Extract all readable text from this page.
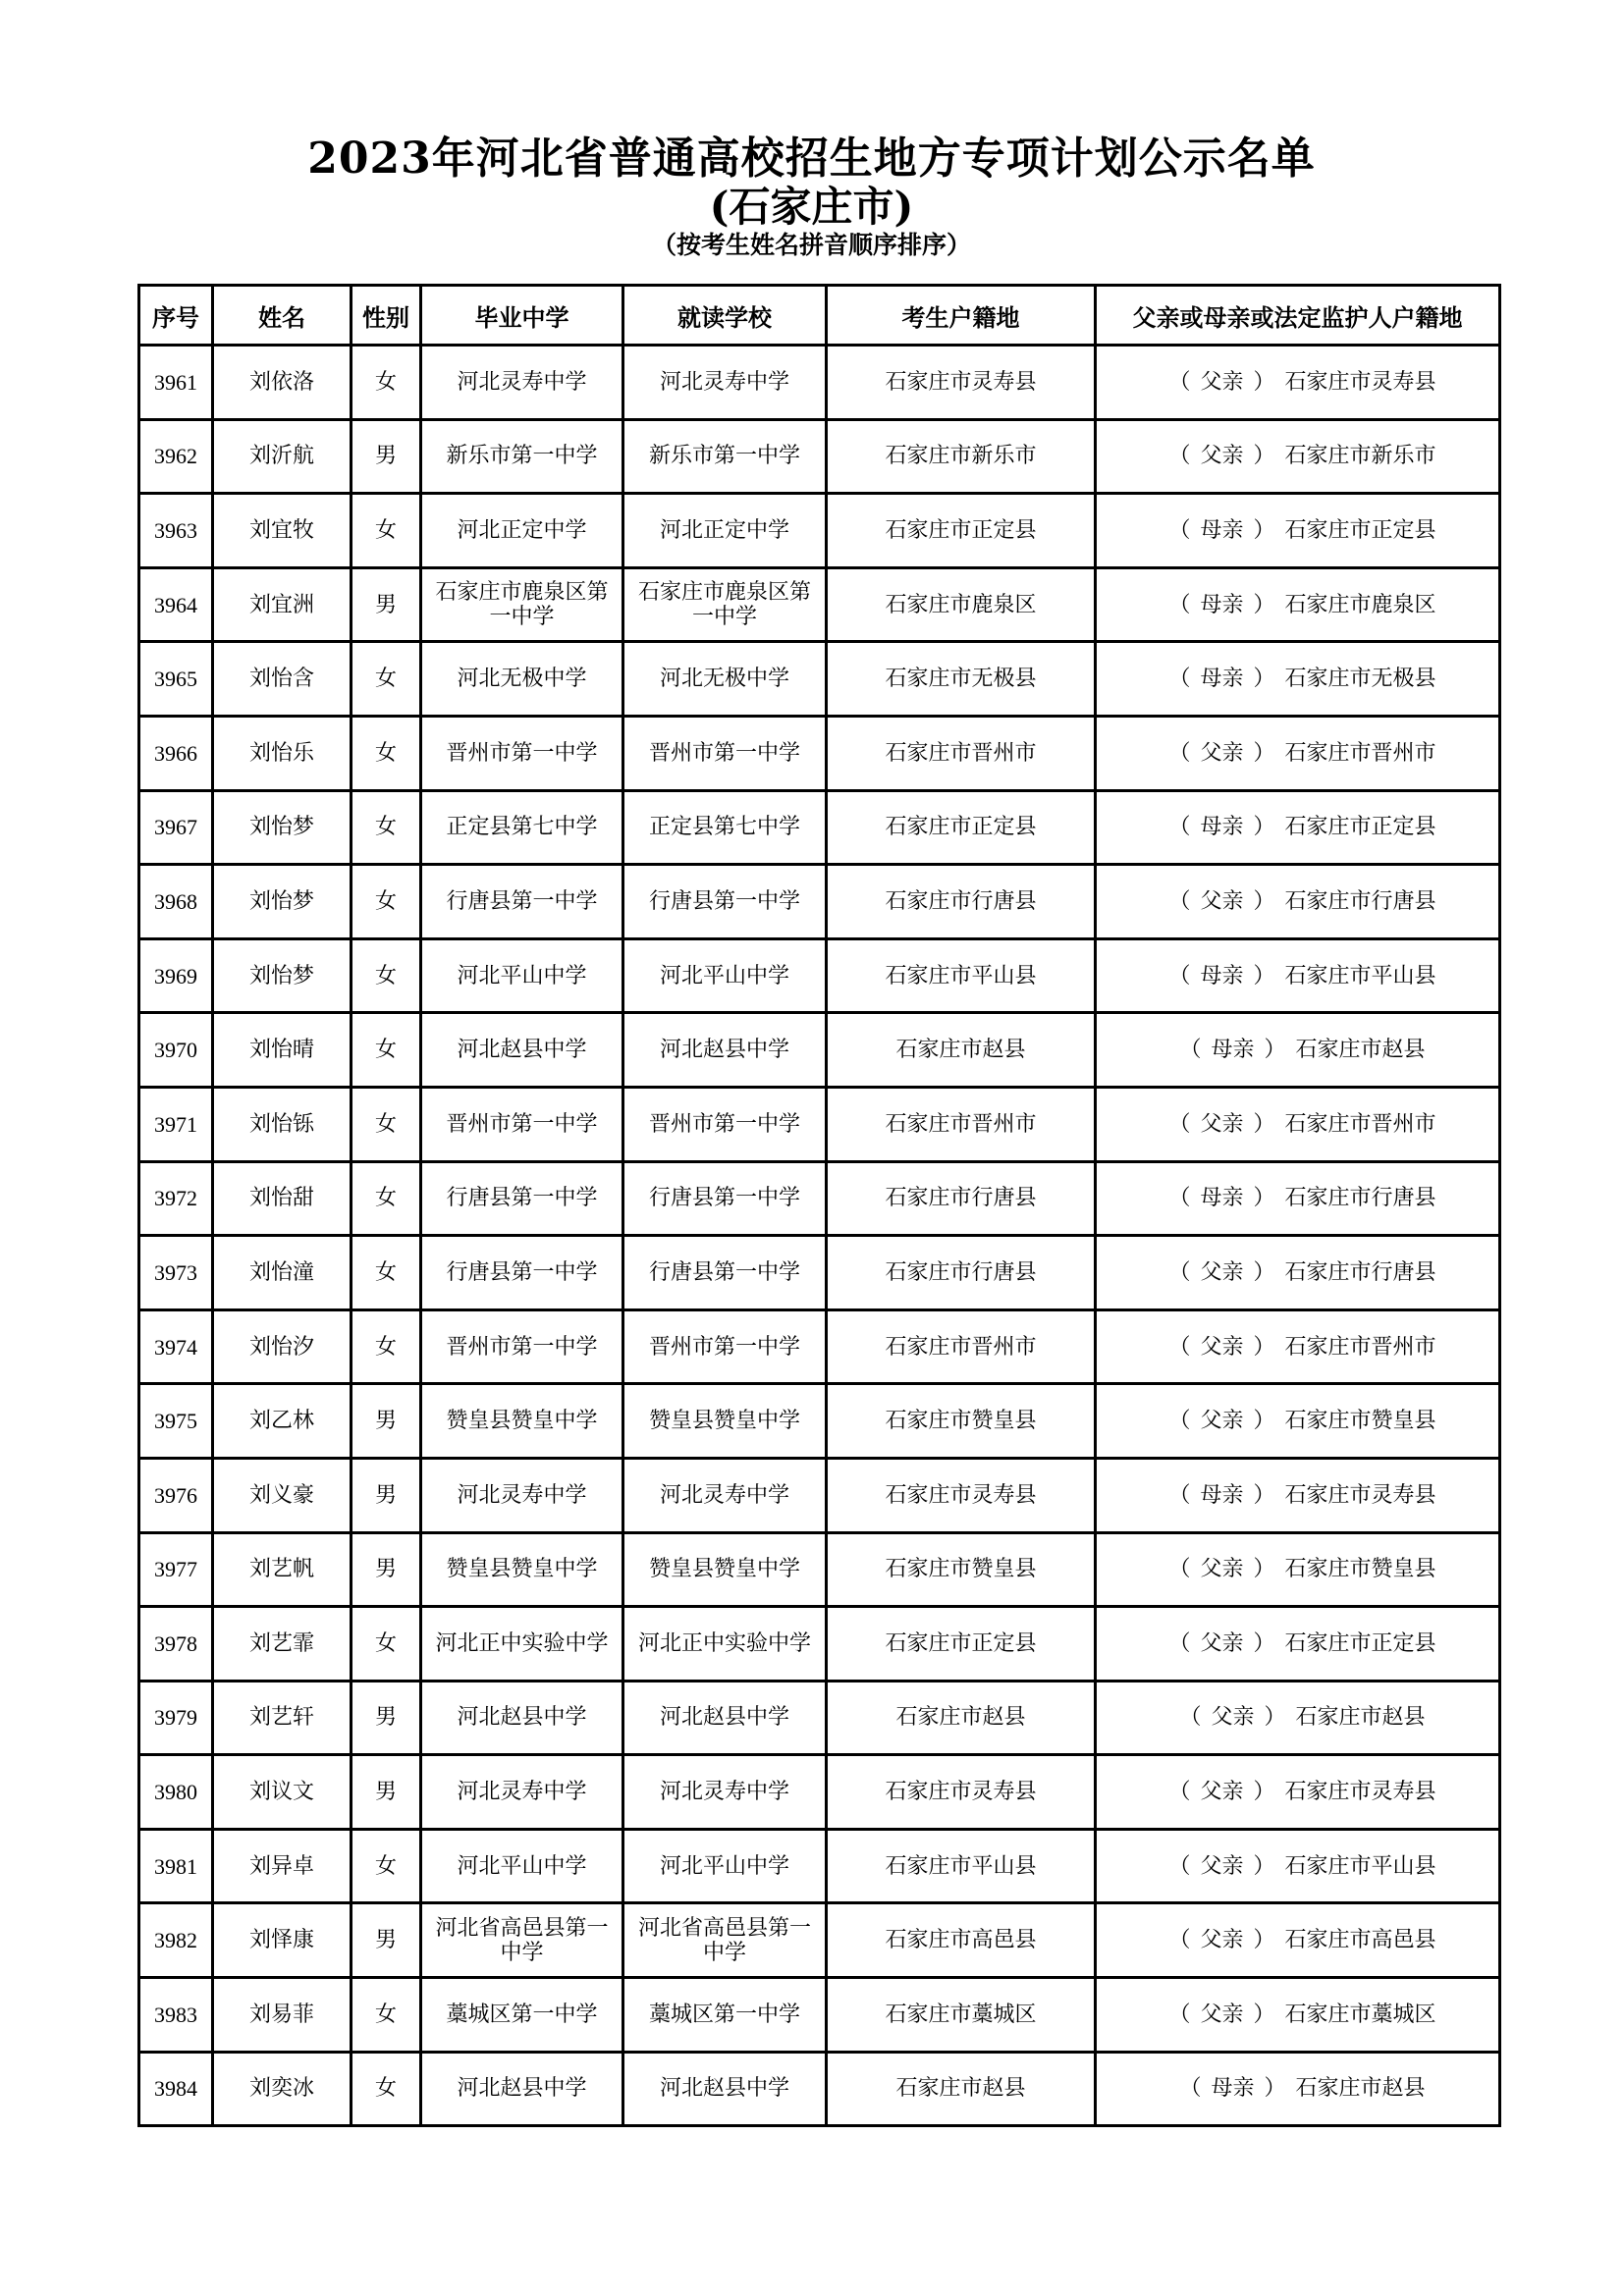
2023年河北省普通高校招生地方专项计划公示名单
(石家庄市)
（按考生姓名拼音顺序排序）
序号	姓名	性别	毕业中学	就读学校	考生户籍地	父亲或母亲或法定监护人户籍地
3961	刘依洛	女	河北灵寿中学	河北灵寿中学	石家庄市灵寿县	（ 父亲 ） 石家庄市灵寿县
3962	刘沂航	男	新乐市第一中学	新乐市第一中学	石家庄市新乐市	（ 父亲 ） 石家庄市新乐市
3963	刘宜牧	女	河北正定中学	河北正定中学	石家庄市正定县	（ 母亲 ） 石家庄市正定县
3964	刘宜洲	男	石家庄市鹿泉区第一中学	石家庄市鹿泉区第一中学	石家庄市鹿泉区	（ 母亲 ） 石家庄市鹿泉区
3965	刘怡含	女	河北无极中学	河北无极中学	石家庄市无极县	（ 母亲 ） 石家庄市无极县
3966	刘怡乐	女	晋州市第一中学	晋州市第一中学	石家庄市晋州市	（ 父亲 ） 石家庄市晋州市
3967	刘怡梦	女	正定县第七中学	正定县第七中学	石家庄市正定县	（ 母亲 ） 石家庄市正定县
3968	刘怡梦	女	行唐县第一中学	行唐县第一中学	石家庄市行唐县	（ 父亲 ） 石家庄市行唐县
3969	刘怡梦	女	河北平山中学	河北平山中学	石家庄市平山县	（ 母亲 ） 石家庄市平山县
3970	刘怡晴	女	河北赵县中学	河北赵县中学	石家庄市赵县	（ 母亲 ） 石家庄市赵县
3971	刘怡铄	女	晋州市第一中学	晋州市第一中学	石家庄市晋州市	（ 父亲 ） 石家庄市晋州市
3972	刘怡甜	女	行唐县第一中学	行唐县第一中学	石家庄市行唐县	（ 母亲 ） 石家庄市行唐县
3973	刘怡潼	女	行唐县第一中学	行唐县第一中学	石家庄市行唐县	（ 父亲 ） 石家庄市行唐县
3974	刘怡汐	女	晋州市第一中学	晋州市第一中学	石家庄市晋州市	（ 父亲 ） 石家庄市晋州市
3975	刘乙林	男	赞皇县赞皇中学	赞皇县赞皇中学	石家庄市赞皇县	（ 父亲 ） 石家庄市赞皇县
3976	刘义豪	男	河北灵寿中学	河北灵寿中学	石家庄市灵寿县	（ 母亲 ） 石家庄市灵寿县
3977	刘艺帆	男	赞皇县赞皇中学	赞皇县赞皇中学	石家庄市赞皇县	（ 父亲 ） 石家庄市赞皇县
3978	刘艺霏	女	河北正中实验中学	河北正中实验中学	石家庄市正定县	（ 父亲 ） 石家庄市正定县
3979	刘艺轩	男	河北赵县中学	河北赵县中学	石家庄市赵县	（ 父亲 ） 石家庄市赵县
3980	刘议文	男	河北灵寿中学	河北灵寿中学	石家庄市灵寿县	（ 父亲 ） 石家庄市灵寿县
3981	刘异卓	女	河北平山中学	河北平山中学	石家庄市平山县	（ 父亲 ） 石家庄市平山县
3982	刘怿康	男	河北省高邑县第一中学	河北省高邑县第一中学	石家庄市高邑县	（ 父亲 ） 石家庄市高邑县
3983	刘易菲	女	藁城区第一中学	藁城区第一中学	石家庄市藁城区	（ 父亲 ） 石家庄市藁城区
3984	刘奕冰	女	河北赵县中学	河北赵县中学	石家庄市赵县	（ 母亲 ） 石家庄市赵县
